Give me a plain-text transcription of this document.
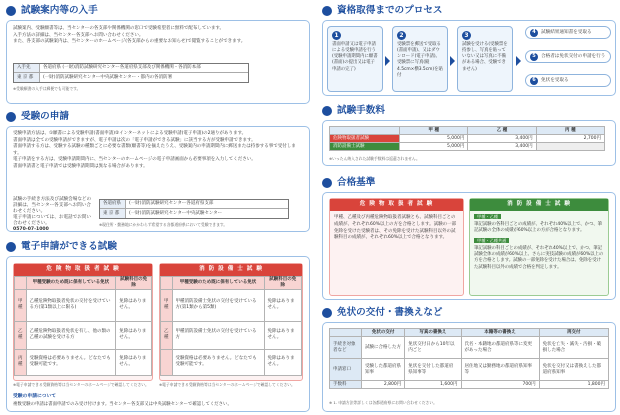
試験案内等の入手

試験案内、受験願書等は、当センターの各支部や関係機関の窓口で受験希望者に無料で配布しています。

入手方法の詳細は、当センター各支部へお問い合わせください。

また、各支部の試験案内は、当センターのホームページ(各支部からの重要なお知らせ)で閲覧することができます。

入手先	各道府県 (一財)消防試験研究センター各道府県支部及び関係機関・各消防本部
東 京 都	(一財)消防試験研究センター中央試験センター・都内の各消防署
※受験願書の入手は郵便でも可能です。
受験の申請

受験申請方法は、①願書による受験申請(書面申請)②インターネットによる受験申請(電子申請)の2通りがあります。

書面申請は全ての受験申請ができますが、電子申請は次の「電子申請ができる試験」に該当する方が受験申請できます。

書面申請する方は、受験する試験の種類ごとに必要な書類(願書等)を揃えたうえ、受験案内の申請期間内に郵送または持参する事で受付します。

電子申請をする方は、受験申請期間内に、当センターのホームページの電子申請画面から必要事項を入力してください。

書面申請書と電子申請では受験申請期間は異なる場合があります。

試験の手続き方法及び試験会場などの詳細は、当センター各支部へお問い合わせください。

電子申請については、お電話でお問い合わせください。

0570-07-1000

各道府県	(一財)消防試験研究センター各道府県支部
東 京 都	(一財)消防試験研究センター中央試験センター
※現住所・勤務地にかかわらず希望する各都道府県において受験できます。
電子申請ができる試験
危 険 物 取 扱 者 試 験
	甲種受験のため既に保有している免状	試験科目の免除
甲種	乙種危険物取扱者免状の交付を受けている方(第1類以上に限る)	免除はありません。
乙種	乙種危険物取扱者免状を有し、他の類の乙種の試験を受ける方	免除はありません。
丙種	受験資格は必要ありません。どなたでも受験可能です。	免除はありません。
消 防 設 備 士 試 験
	甲種受験のため既に保有している免状	試験科目の免除
甲種	甲種消防設備士免状の交付を受けている方(第1類から第5類)	免除はありません。
乙種	甲種消防設備士免状の交付を受けている方	免除はありません。
	受験資格は必要ありません。どなたでも受験可能です。	免除はありません。
※電子申請できる受験資格等は当センターのホームページで確認してください。	※電子申請できる受験資格等は当センターのホームページで確認してください。
受験の申請について
複数受験の申請は書面申請でのみ受け付けます。当センター各支部又は中央試験センターで確認してください。
資格取得までのプロセス
1
書面申請又は電子申請による受験申請を行う(受験申請期間内に願書(書面)の提出又は電子申請の完了)
2
受験票を郵送で受取る(書面申請)、又はダウンロード(電子申請)。受験票に写真(縦4.5cm×横3.5cm)を貼付
3
試験を受ける(受験票を持参し、写真を貼っていない又は写真に不備がある場合、受験できません)
4	試験結果通知書を受取る
5	合格者は免状交付の申請を行う
6	免状を受取る
試験手数料
	甲 種	乙 種	丙 種
危険物取扱者試験	5,000円	3,400円	2,700円
消防設備士試験	5,000円	3,400円	
※いったん納入された試験手数料は返還されません。
合格基準
危 険 物 取 扱 者 試 験

甲種、乙種及び丙種危険物取扱者試験とも、試験科目ごとの成績が、それぞれ60%以上の方を合格とします。試験の一部免除を受けた受験者は、その免除を受けた試験科目以外の試験科目の成績が、それぞれ60%以上で合格となります。

消 防 設 備 士 試 験
甲種・乙種

筆記試験の各科目ごとの成績が、それぞれ40%以上で、かつ、筆記試験の全体の成績が60%以上の方が合格となります。

甲種・乙種共通

筆記試験の科目ごとの成績が、それぞれ40%以上で、かつ、筆記試験全体の成績が60%以上、さらに実技試験の成績が60%以上の方を合格とします。試験の一部免除を受けた場合は、免除を受けた試験科目以外の成績で合格を判定します。

免状の交付・書換えなど
	免状の交付	写真の書換え	本籍等の書換え	再交付
手続き対象者など	試験に合格した方	免状交付日から10年以内ごと	氏名・本籍地の都道府県等に変更があった場合	免状を亡失・滅失・汚損・破損した場合
申請窓口	受験した都道府県知事	免状を交付した都道府県知事等	居住地又は勤務地の都道府県知事等	免状を交付又は書換えした都道府県知事
手数料	2,800円	1,600円	700円	1,800円
※ 1. 申請方法等詳しくは各都道府県にお問い合わせください。
